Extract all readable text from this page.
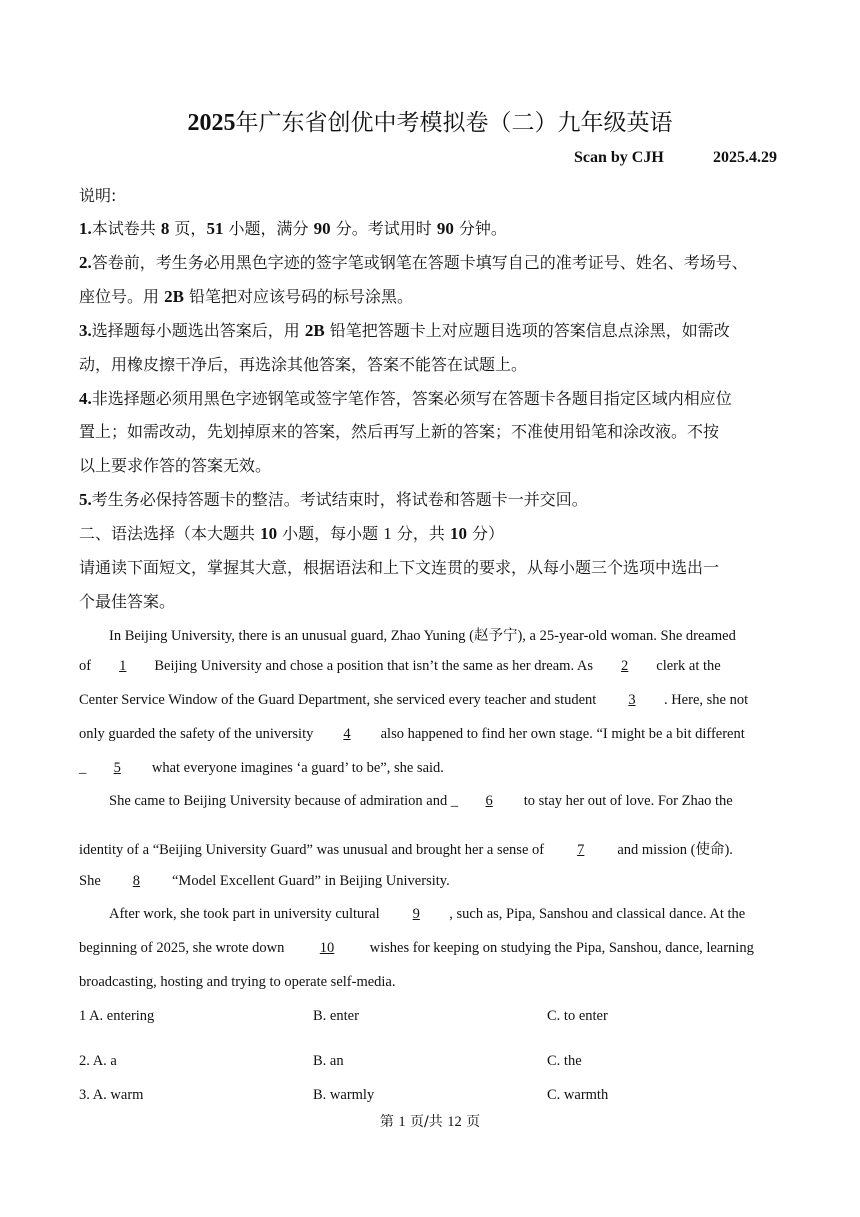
2025年广东省创优中考模拟卷（二）九年级英语
Scan by CJH	2025.4.29
说明:
1.本试卷共 8 页，51 小题，满分 90 分。考试用时 90 分钟。
2.答卷前，考生务必用黑色字迹的签字笔或钢笔在答题卡填写自己的准考证号、姓名、考场号、
座位号。用 2B 铅笔把对应该号码的标号涂黑。
3.选择题每小题选出答案后，用 2B 铅笔把答题卡上对应题目选项的答案信息点涂黑，如需改
动，用橡皮擦干净后，再选涂其他答案，答案不能答在试题上。
4.非选择题必须用黑色字迹钢笔或签字笔作答，答案必须写在答题卡各题目指定区域内相应位
置上；如需改动，先划掉原来的答案，然后再写上新的答案；不准使用铅笔和涂改液。不按
以上要求作答的答案无效。
5.考生务必保持答题卡的整洁。考试结束时，将试卷和答题卡一并交回。
二、语法选择（本大题共 10 小题，每小题 1 分，共 10 分）
请通读下面短文，掌握其大意，根据语法和上下文连贯的要求，从每小题三个选项中选出一
个最佳答案。
In Beijing University, there is an unusual guard, Zhao Yuning (赵予宁), a 25-year-old woman. She dreamed
of 1 Beijing University and chose a position that isn’t the same as her dream. As 2 clerk at the
Center Service Window of the Guard Department, she serviced every teacher and student 3 . Here, she not
only guarded the safety of the university 4 also happened to find her own stage. “I might be a bit different
_ 5 what everyone imagines ‘a guard’ to be”, she said.
She came to Beijing University because of admiration and _ 6 to stay her out of love. For Zhao the
identity of a “Beijing University Guard” was unusual and brought her a sense of 7 and mission (使命).
She 8 “Model Excellent Guard” in Beijing University.
After work, she took part in university cultural 9 , such as, Pipa, Sanshou and classical dance. At the
beginning of 2025, she wrote down 10 wishes for keeping on studying the Pipa, Sanshou, dance, learning
broadcasting, hosting and trying to operate self-media.
1 A. entering	B. enter	C. to enter
2. A. a	B. an	C. the
3. A. warm	B. warmly	C. warmth
第 1 页/共 12 页
